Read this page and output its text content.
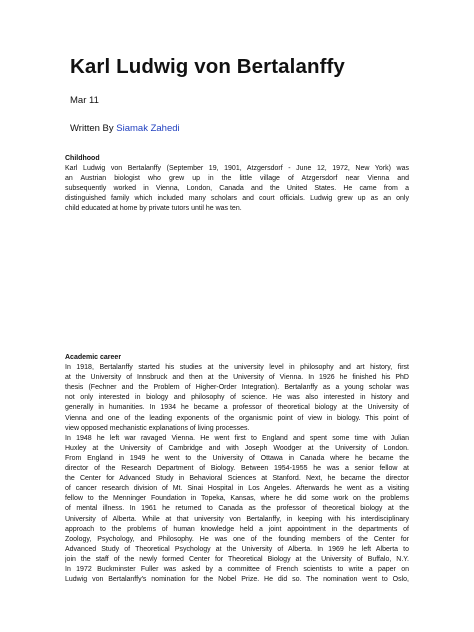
Karl Ludwig von Bertalanffy
Mar 11
Written By Siamak Zahedi
Childhood
Karl Ludwig von Bertalanffy (September 19, 1901, Atzgersdorf - June 12, 1972, New York) was
an Austrian biologist who grew up in the little village of Atzgersdorf near Vienna and
subsequently worked in Vienna, London, Canada and the United States. He came from a
distinguished family which included many scholars and court officials. Ludwig grew up as an only
child educated at home by private tutors until he was ten.
Academic career
In 1918, Bertalanffy started his studies at the university level in philosophy and art history, first
at the University of Innsbruck and then at the University of Vienna. In 1926 he finished his PhD
thesis (Fechner and the Problem of Higher-Order Integration). Bertalanffy as a young scholar was
not only interested in biology and philosophy of science. He was also interested in history and
generally in humanities. In 1934 he became a professor of theoretical biology at the University of
Vienna and one of the leading exponents of the organismic point of view in biology. This point of
view opposed mechanistic explanations of living processes.
In 1948 he left war ravaged Vienna. He went first to England and spent some time with Julian
Huxley at the University of Cambridge and with Joseph Woodger at the University of London.
From England in 1949 he went to the University of Ottawa in Canada where he became the
director of the Research Department of Biology. Between 1954-1955 he was a senior fellow at
the Center for Advanced Study in Behavioral Sciences at Stanford. Next, he became the director
of cancer research division of Mt. Sinai Hospital in Los Angeles. Afterwards he went as a visiting
fellow to the Menninger Foundation in Topeka, Kansas, where he did some work on the problems
of mental illness. In 1961 he returned to Canada as the professor of theoretical biology at the
University of Alberta. While at that university von Bertalanffy, in keeping with his interdisciplinary
approach to the problems of human knowledge held a joint appointment in the departments of
Zoology, Psychology, and Philosophy. He was one of the founding members of the Center for
Advanced Study of Theoretical Psychology at the University of Alberta. In 1969 he left Alberta to
join the staff of the newly formed Center for Theoretical Biology at the University of Buffalo, N.Y.
In 1972 Buckminster Fuller was asked by a committee of French scientists to write a paper on
Ludwig von Bertalanffy's nomination for the Nobel Prize. He did so. The nomination went to Oslo,
